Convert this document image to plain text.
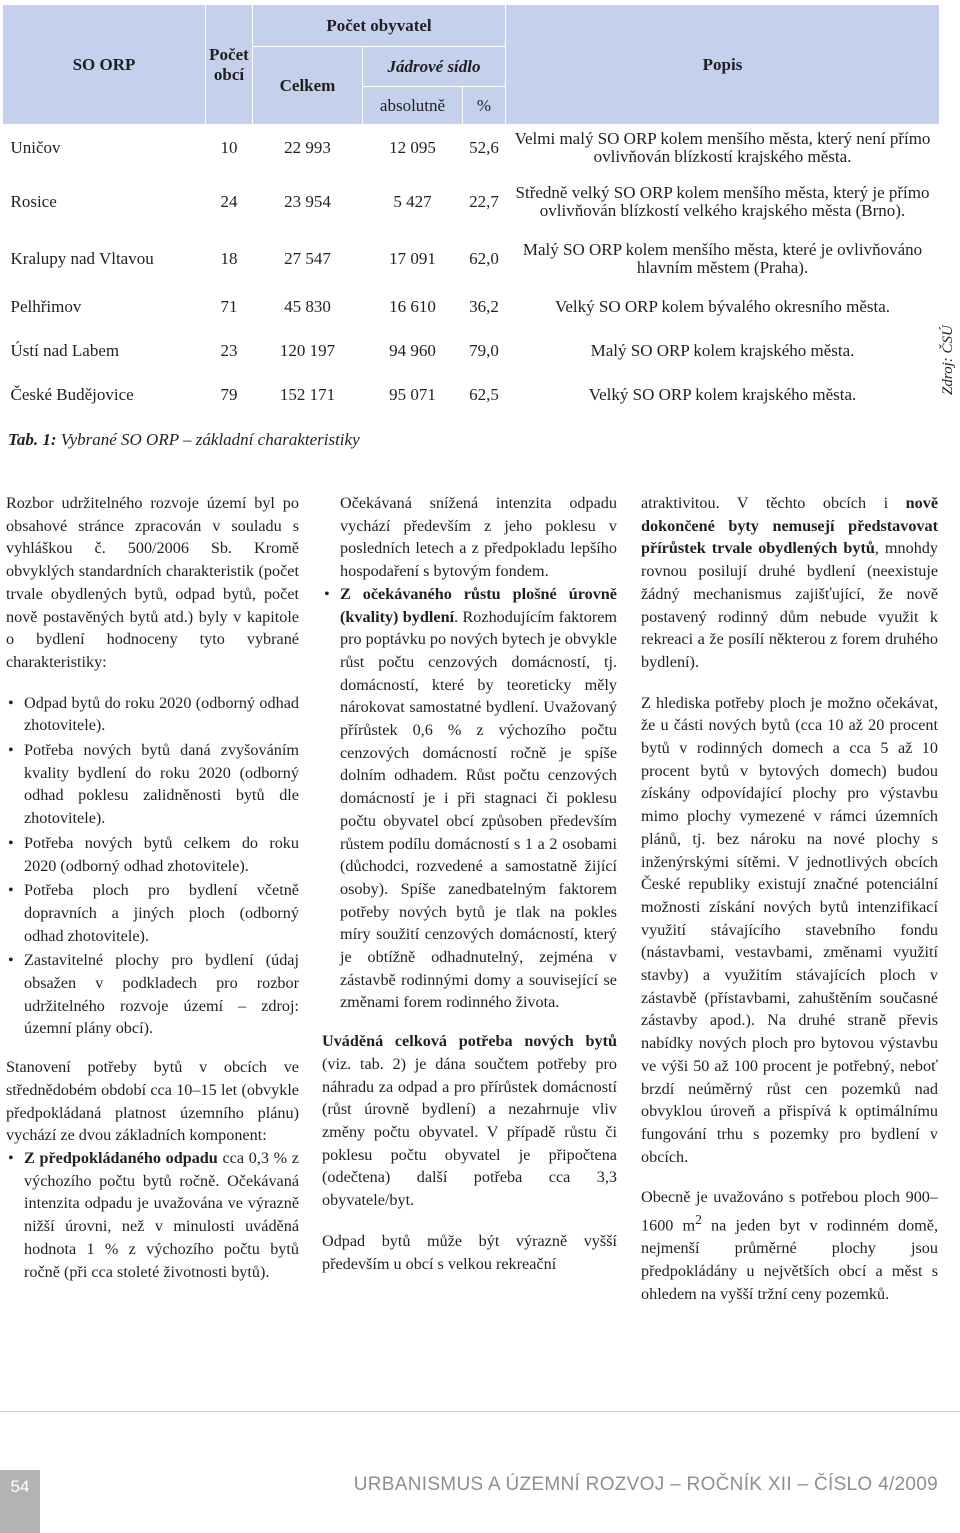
SO ORP	Počet obcí	Počet obyvatel			Popis
		Celkem	Jádrové sídlo		
			absolutně	%	
Uničov	10	22 993	12 095	52,6	Velmi malý SO ORP kolem menšího města, který není přímo ovlivňován blízkostí krajského města.
Rosice	24	23 954	5 427	22,7	Středně velký SO ORP kolem menšího města, který je přímo ovlivňován blízkostí velkého krajského města (Brno).
Kralupy nad Vltavou	18	27 547	17 091	62,0	Malý SO ORP kolem menšího města, které je ovlivňováno hlavním městem (Praha).
Pelhřimov	71	45 830	16 610	36,2	Velký SO ORP kolem bývalého okresního města.
Ústí nad Labem	23	120 197	94 960	79,0	Malý SO ORP kolem krajského města.
České Budějovice	79	152 171	95 071	62,5	Velký SO ORP kolem krajského města.
Tab. 1: Vybrané SO ORP – základní charakteristiky
Zdroj: ČSÚ

Rozbor udržitelného rozvoje území byl po obsahové stránce zpracován v souladu s vyhláškou č. 500/2006 Sb. Kromě obvyklých standardních charakteristik (počet trvale obydlených bytů, odpad bytů, počet nově postavěných bytů atd.) byly v kapitole o bydlení hodnoceny tyto vybrané charakteristiky:

• Odpad bytů do roku 2020 (odborný odhad zhotovitele).
• Potřeba nových bytů daná zvyšováním kvality bydlení do roku 2020 (odborný odhad poklesu zalidněnosti bytů dle zhotovitele).
• Potřeba nových bytů celkem do roku 2020 (odborný odhad zhotovitele).
• Potřeba ploch pro bydlení včetně dopravních a jiných ploch (odborný odhad zhotovitele).
• Zastavitelné plochy pro bydlení (údaj obsažen v podkladech pro rozbor udržitelného rozvoje území – zdroj: územní plány obcí).

Stanovení potřeby bytů v obcích ve střednědobém období cca 10–15 let (obvykle předpokládaná platnost územního plánu) vychází ze dvou základních komponent:

• Z předpokládaného odpadu cca 0,3 % z výchozího počtu bytů ročně. Očekávaná intenzita odpadu je uvažována ve výrazně nižší úrovni, než v minulosti uváděná hodnota 1 % z výchozího počtu bytů ročně (při cca stoleté životnosti bytů).

Očekávaná snížená intenzita odpadu vychází především z jeho poklesu v posledních letech a z předpokladu lepšího hospodaření s bytovým fondem.

• Z očekávaného růstu plošné úrovně (kvality) bydlení. Rozhodujícím faktorem pro poptávku po nových bytech je obvykle růst počtu cenzových domácností, tj. domácností, které by teoreticky měly nárokovat samostatné bydlení. Uvažovaný přírůstek 0,6 % z výchozího počtu cenzových domácností ročně je spíše dolním odhadem. Růst počtu cenzových domácností je i při stagnaci či poklesu počtu obyvatel obcí způsoben především růstem podílu domácností s 1 a 2 osobami (důchodci, rozvedené a samostatně žijící osoby). Spíše zanedbatelným faktorem potřeby nových bytů je tlak na pokles míry soužití cenzových domácností, který je obtížně odhadnutelný, zejména v zástavbě rodinnými domy a související se změnami forem rodinného života.

Uváděná celková potřeba nových bytů (viz. tab. 2) je dána součtem potřeby pro náhradu za odpad a pro přírůstek domácností (růst úrovně bydlení) a nezahrnuje vliv změny počtu obyvatel. V případě růstu či poklesu počtu obyvatel je připočtena (odečtena) další potřeba cca 3,3 obyvatele/byt.

Odpad bytů může být výrazně vyšší především u obcí s velkou rekreační

atraktivitou. V těchto obcích i nově dokončené byty nemusejí představovat přírůstek trvale obydlených bytů, mnohdy rovnou posilují druhé bydlení (neexistuje žádný mechanismus zajišťující, že nově postavený rodinný dům nebude využit k rekreaci a že posílí některou z forem druhého bydlení).

Z hlediska potřeby ploch je možno očekávat, že u části nových bytů (cca 10 až 20 procent bytů v rodinných domech a cca 5 až 10 procent bytů v bytových domech) budou získány odpovídající plochy pro výstavbu mimo plochy vymezené v rámci územních plánů, tj. bez nároku na nové plochy s inženýrskými sítěmi. V jednotlivých obcích České republiky existují značné potenciální možnosti získání nových bytů intenzifikací využití stávajícího stavebního fondu (nástavbami, vestavbami, změnami využití stavby) a využitím stávajících ploch v zástavbě (přístavbami, zahuštěním současné zástavby apod.). Na druhé straně převis nabídky nových ploch pro bytovou výstavbu ve výši 50 až 100 procent je potřebný, neboť brzdí neúměrný růst cen pozemků nad obvyklou úroveň a přispívá k optimálnímu fungování trhu s pozemky pro bydlení v obcích.

Obecně je uvažováno s potřebou ploch 900–1600 $m^2$ na jeden byt v rodinném domě, nejmenší průměrné plochy jsou předpokládány u největších obcí a měst s ohledem na vyšší tržní ceny pozemků.

54	URBANISMUS A ÚZEMNÍ ROZVOJ – ROČNÍK XII – ČÍSLO 4/2009
